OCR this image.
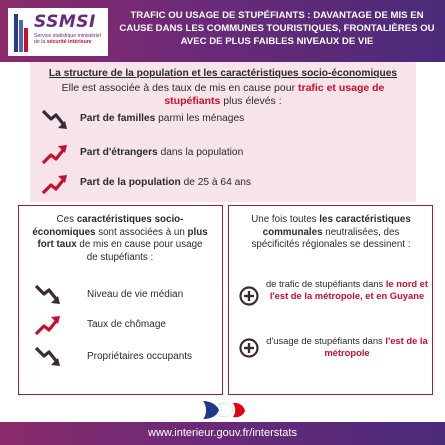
SSMSI
Service statistique ministériel de la sécurité intérieure
TRAFIC OU USAGE DE STUPÉFIANTS : DAVANTAGE DE MIS EN CAUSE DANS LES COMMUNES TOURISTIQUES, FRONTALIÈRES OU AVEC DE PLUS FAIBLES NIVEAUX DE VIE
La structure de la population et les caractéristiques socio-économiques
Elle est associée à des taux de mis en cause pour trafic et usage de stupéfiants plus élevés :
Part de familles parmi les ménages
Part d'étrangers dans la population
Part de la population de 25 à 64 ans
Ces caractéristiques socio-économiques sont associées à un plus fort taux de mis en cause pour usage de stupéfiants :
Niveau de vie médian
Taux de chômage
Propriétaires occupants
Une fois toutes les caractéristiques communales neutralisées, des spécificités régionales se dessinent :
de trafic de stupéfiants dans le nord et l'est de la métropole, et en Guyane
d'usage de stupéfiants dans l'est de la métropole
www.interieur.gouv.fr/interstats
